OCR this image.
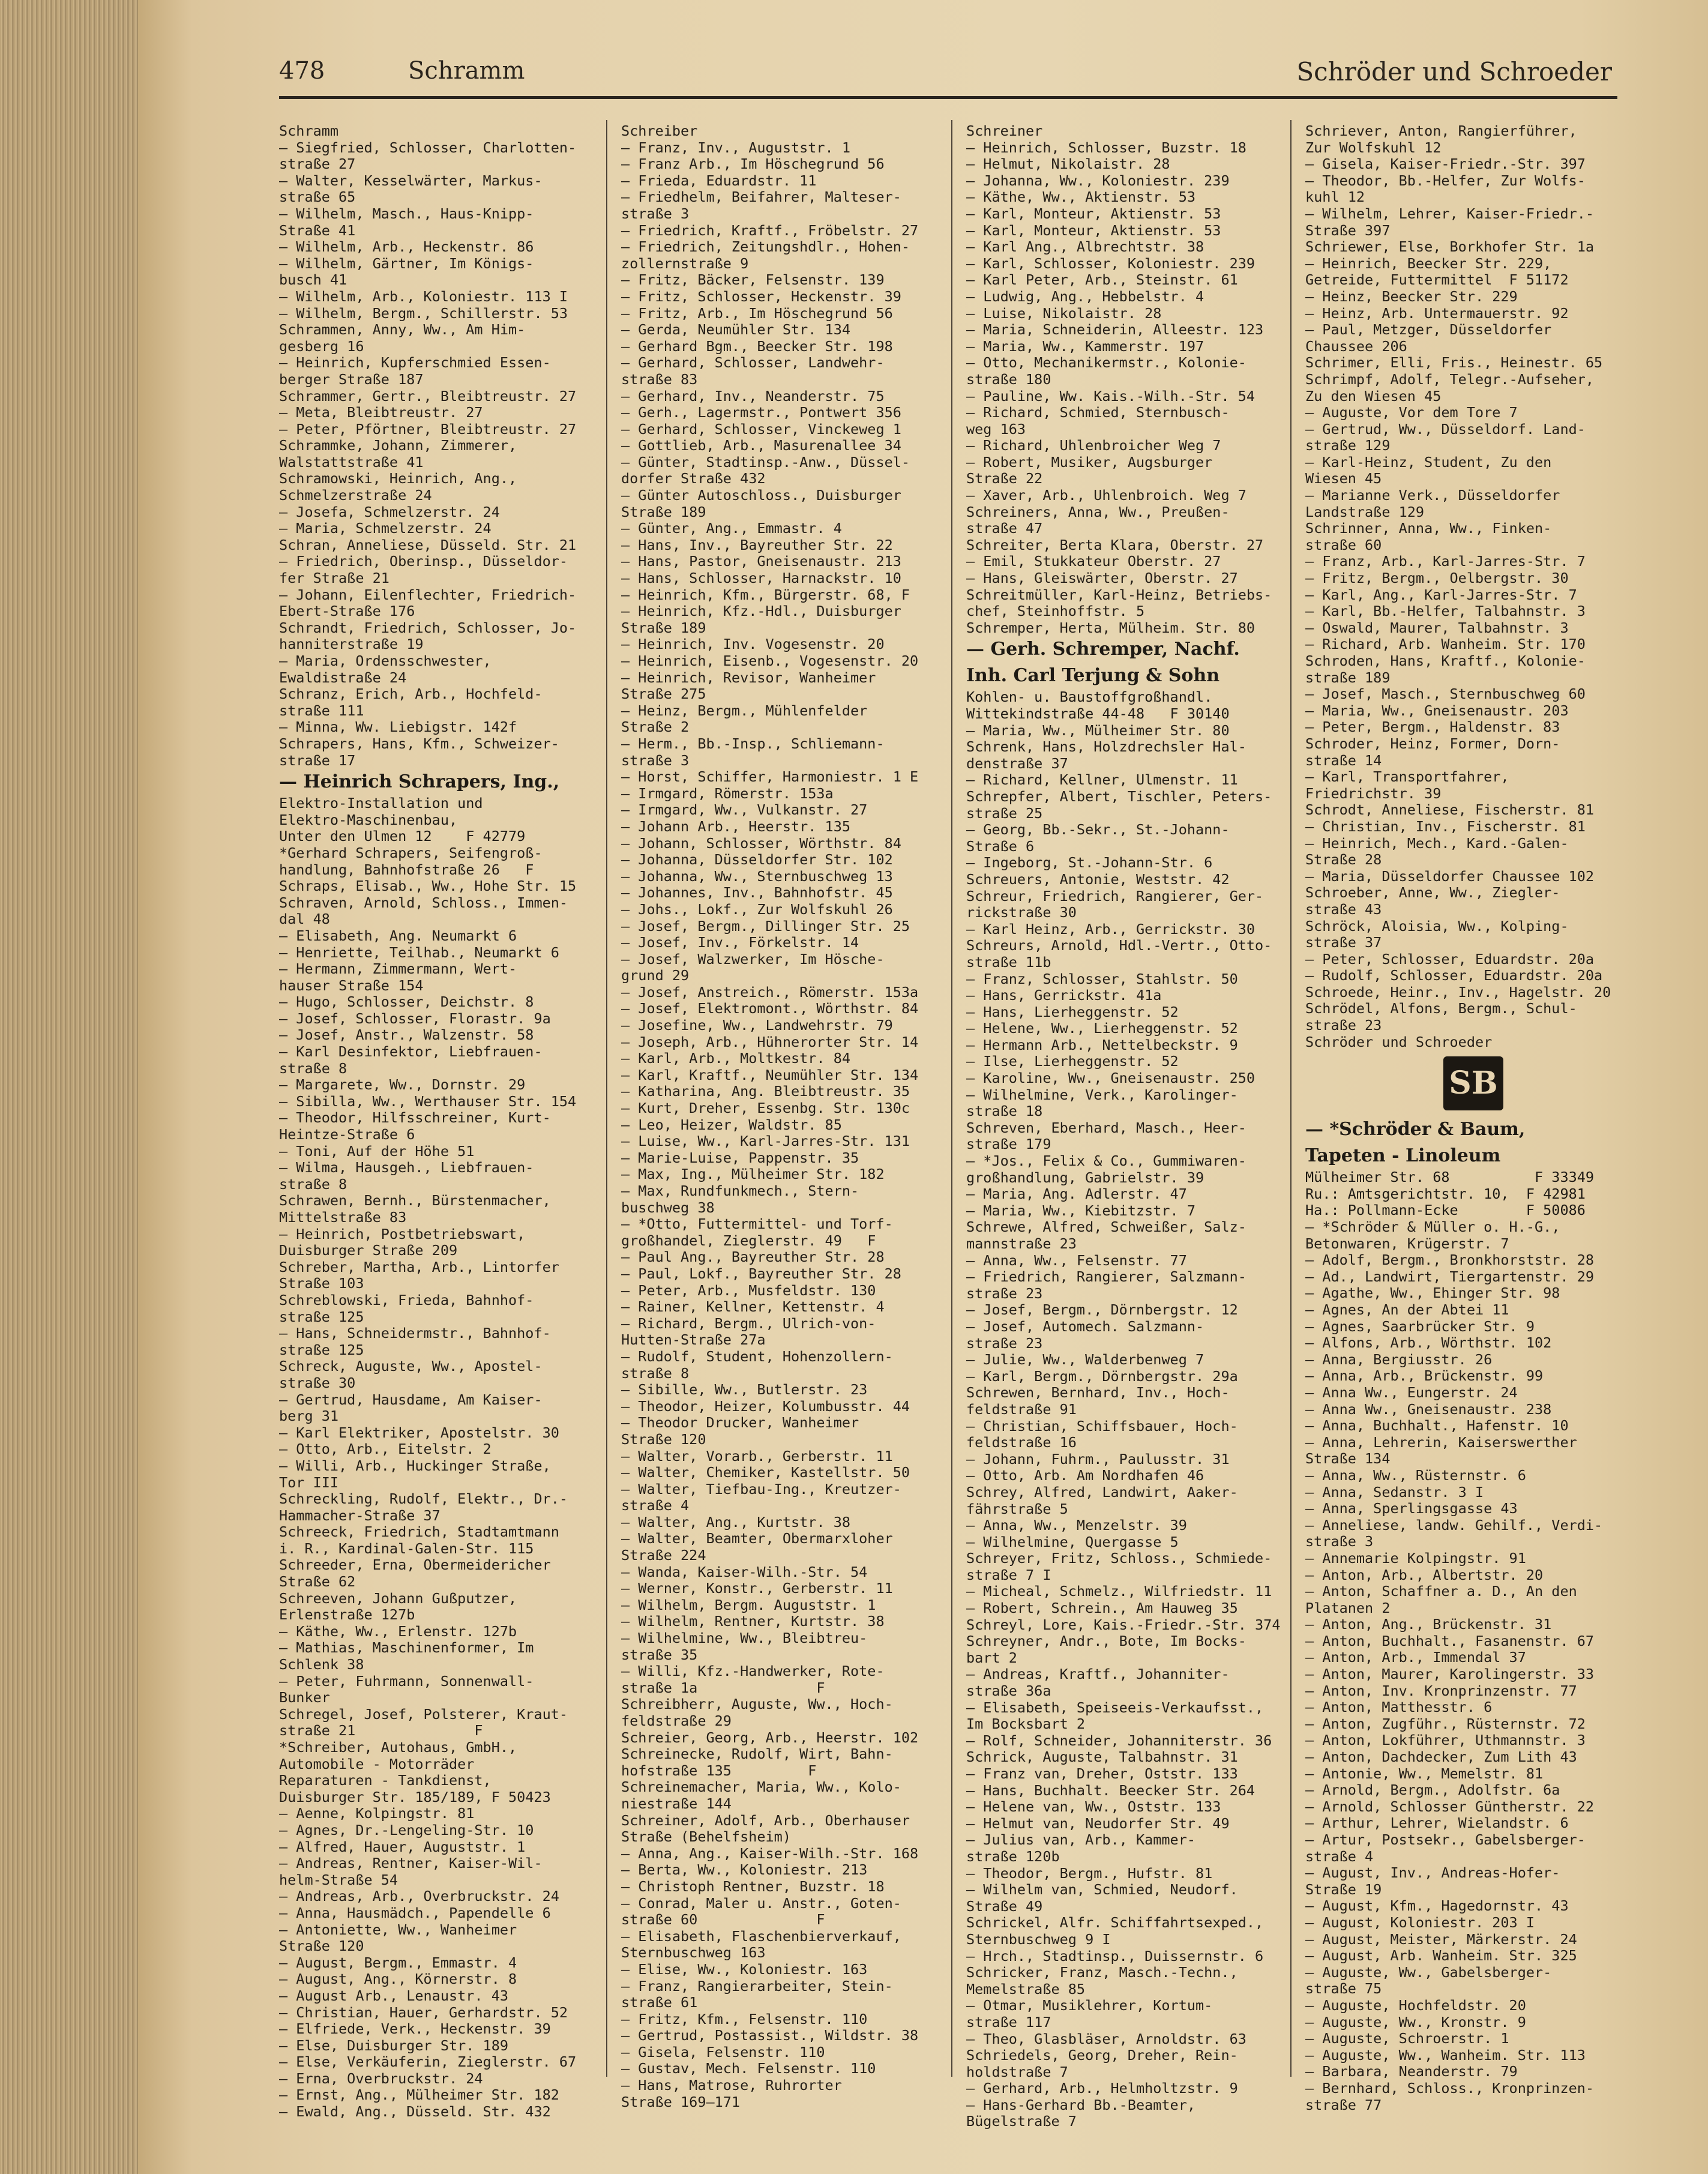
478	Schramm	Schröder und Schroeder
Schramm
— Siegfried, Schlosser, Charlotten-
straße 27
— Walter, Kesselwärter, Markus-
straße 65
— Wilhelm, Masch., Haus-Knipp-
Straße 41
— Wilhelm, Arb., Heckenstr. 86
— Wilhelm, Gärtner, Im Königs-
busch 41
— Wilhelm, Arb., Koloniestr. 113 I
— Wilhelm, Bergm., Schillerstr. 53
Schrammen, Anny, Ww., Am Him-
gesberg 16
— Heinrich, Kupferschmied Essen-
berger Straße 187
Schrammer, Gertr., Bleibtreustr. 27
— Meta, Bleibtreustr. 27
— Peter, Pförtner, Bleibtreustr. 27
Schrammke, Johann, Zimmerer,
Walstattstraße 41
Schramowski, Heinrich, Ang.,
Schmelzerstraße 24
— Josefa, Schmelzerstr. 24
— Maria, Schmelzerstr. 24
Schran, Anneliese, Düsseld. Str. 21
— Friedrich, Oberinsp., Düsseldor-
fer Straße 21
— Johann, Eilenflechter, Friedrich-
Ebert-Straße 176
Schrandt, Friedrich, Schlosser, Jo-
hanniterstraße 19
— Maria, Ordensschwester,
Ewaldistraße 24
Schranz, Erich, Arb., Hochfeld-
straße 111
— Minna, Ww. Liebigstr. 142f
Schrapers, Hans, Kfm., Schweizer-
straße 17
— Heinrich Schrapers, Ing.,
Elektro-Installation und
Elektro-Maschinenbau,
Unter den Ulmen 12    F 42779
*Gerhard Schrapers, Seifengroß-
handlung, Bahnhofstraße 26   F
Schraps, Elisab., Ww., Hohe Str. 15
Schraven, Arnold, Schloss., Immen-
dal 48
— Elisabeth, Ang. Neumarkt 6
— Henriette, Teilhab., Neumarkt 6
— Hermann, Zimmermann, Wert-
hauser Straße 154
— Hugo, Schlosser, Deichstr. 8
— Josef, Schlosser, Florastr. 9a
— Josef, Anstr., Walzenstr. 58
— Karl Desinfektor, Liebfrauen-
straße 8
— Margarete, Ww., Dornstr. 29
— Sibilla, Ww., Werthauser Str. 154
— Theodor, Hilfsschreiner, Kurt-
Heintze-Straße 6
— Toni, Auf der Höhe 51
— Wilma, Hausgeh., Liebfrauen-
straße 8
Schrawen, Bernh., Bürstenmacher,
Mittelstraße 83
— Heinrich, Postbetriebswart,
Duisburger Straße 209
Schreber, Martha, Arb., Lintorfer
Straße 103
Schreblowski, Frieda, Bahnhof-
straße 125
— Hans, Schneidermstr., Bahnhof-
straße 125
Schreck, Auguste, Ww., Apostel-
straße 30
— Gertrud, Hausdame, Am Kaiser-
berg 31
— Karl Elektriker, Apostelstr. 30
— Otto, Arb., Eitelstr. 2
— Willi, Arb., Huckinger Straße,
Tor III
Schreckling, Rudolf, Elektr., Dr.-
Hammacher-Straße 37
Schreeck, Friedrich, Stadtamtmann
i. R., Kardinal-Galen-Str. 115
Schreeder, Erna, Obermeidericher
Straße 62
Schreeven, Johann Gußputzer,
Erlenstraße 127b
— Käthe, Ww., Erlenstr. 127b
— Mathias, Maschinenformer, Im
Schlenk 38
— Peter, Fuhrmann, Sonnenwall-
Bunker
Schregel, Josef, Polsterer, Kraut-
straße 21              F
*Schreiber, Autohaus, GmbH.,
Automobile - Motorräder
Reparaturen - Tankdienst,
Duisburger Str. 185/189, F 50423
— Aenne, Kolpingstr. 81
— Agnes, Dr.-Lengeling-Str. 10
— Alfred, Hauer, Auguststr. 1
— Andreas, Rentner, Kaiser-Wil-
helm-Straße 54
— Andreas, Arb., Overbruckstr. 24
— Anna, Hausmädch., Papendelle 6
— Antoniette, Ww., Wanheimer
Straße 120
— August, Bergm., Emmastr. 4
— August, Ang., Körnerstr. 8
— August Arb., Lenaustr. 43
— Christian, Hauer, Gerhardstr. 52
— Elfriede, Verk., Heckenstr. 39
— Else, Duisburger Str. 189
— Else, Verkäuferin, Zieglerstr. 67
— Erna, Overbruckstr. 24
— Ernst, Ang., Mülheimer Str. 182
— Ewald, Ang., Düsseld. Str. 432
Schreiber
— Franz, Inv., Auguststr. 1
— Franz Arb., Im Höschegrund 56
— Frieda, Eduardstr. 11
— Friedhelm, Beifahrer, Malteser-
straße 3
— Friedrich, Kraftf., Fröbelstr. 27
— Friedrich, Zeitungshdlr., Hohen-
zollernstraße 9
— Fritz, Bäcker, Felsenstr. 139
— Fritz, Schlosser, Heckenstr. 39
— Fritz, Arb., Im Höschegrund 56
— Gerda, Neumühler Str. 134
— Gerhard Bgm., Beecker Str. 198
— Gerhard, Schlosser, Landwehr-
straße 83
— Gerhard, Inv., Neanderstr. 75
— Gerh., Lagermstr., Pontwert 356
— Gerhard, Schlosser, Vinckeweg 1
— Gottlieb, Arb., Masurenallee 34
— Günter, Stadtinsp.-Anw., Düssel-
dorfer Straße 432
— Günter Autoschloss., Duisburger
Straße 189
— Günter, Ang., Emmastr. 4
— Hans, Inv., Bayreuther Str. 22
— Hans, Pastor, Gneisenaustr. 213
— Hans, Schlosser, Harnackstr. 10
— Heinrich, Kfm., Bürgerstr. 68, F
— Heinrich, Kfz.-Hdl., Duisburger
Straße 189
— Heinrich, Inv. Vogesenstr. 20
— Heinrich, Eisenb., Vogesenstr. 20
— Heinrich, Revisor, Wanheimer
Straße 275
— Heinz, Bergm., Mühlenfelder
Straße 2
— Herm., Bb.-Insp., Schliemann-
straße 3
— Horst, Schiffer, Harmoniestr. 1 E
— Irmgard, Römerstr. 153a
— Irmgard, Ww., Vulkanstr. 27
— Johann Arb., Heerstr. 135
— Johann, Schlosser, Wörthstr. 84
— Johanna, Düsseldorfer Str. 102
— Johanna, Ww., Sternbuschweg 13
— Johannes, Inv., Bahnhofstr. 45
— Johs., Lokf., Zur Wolfskuhl 26
— Josef, Bergm., Dillinger Str. 25
— Josef, Inv., Förkelstr. 14
— Josef, Walzwerker, Im Hösche-
grund 29
— Josef, Anstreich., Römerstr. 153a
— Josef, Elektromont., Wörthstr. 84
— Josefine, Ww., Landwehrstr. 79
— Joseph, Arb., Hühnerorter Str. 14
— Karl, Arb., Moltkestr. 84
— Karl, Kraftf., Neumühler Str. 134
— Katharina, Ang. Bleibtreustr. 35
— Kurt, Dreher, Essenbg. Str. 130c
— Leo, Heizer, Waldstr. 85
— Luise, Ww., Karl-Jarres-Str. 131
— Marie-Luise, Pappenstr. 35
— Max, Ing., Mülheimer Str. 182
— Max, Rundfunkmech., Stern-
buschweg 38
— *Otto, Futtermittel- und Torf-
großhandel, Zieglerstr. 49   F
— Paul Ang., Bayreuther Str. 28
— Paul, Lokf., Bayreuther Str. 28
— Peter, Arb., Musfeldstr. 130
— Rainer, Kellner, Kettenstr. 4
— Richard, Bergm., Ulrich-von-
Hutten-Straße 27a
— Rudolf, Student, Hohenzollern-
straße 8
— Sibille, Ww., Butlerstr. 23
— Theodor, Heizer, Kolumbusstr. 44
— Theodor Drucker, Wanheimer
Straße 120
— Walter, Vorarb., Gerberstr. 11
— Walter, Chemiker, Kastellstr. 50
— Walter, Tiefbau-Ing., Kreutzer-
straße 4
— Walter, Ang., Kurtstr. 38
— Walter, Beamter, Obermarxloher
Straße 224
— Wanda, Kaiser-Wilh.-Str. 54
— Werner, Konstr., Gerberstr. 11
— Wilhelm, Bergm. Auguststr. 1
— Wilhelm, Rentner, Kurtstr. 38
— Wilhelmine, Ww., Bleibtreu-
straße 35
— Willi, Kfz.-Handwerker, Rote-
straße 1a              F
Schreibherr, Auguste, Ww., Hoch-
feldstraße 29
Schreier, Georg, Arb., Heerstr. 102
Schreinecke, Rudolf, Wirt, Bahn-
hofstraße 135         F
Schreinemacher, Maria, Ww., Kolo-
niestraße 144
Schreiner, Adolf, Arb., Oberhauser
Straße (Behelfsheim)
— Anna, Ang., Kaiser-Wilh.-Str. 168
— Berta, Ww., Koloniestr. 213
— Christoph Rentner, Buzstr. 18
— Conrad, Maler u. Anstr., Goten-
straße 60              F
— Elisabeth, Flaschenbierverkauf,
Sternbuschweg 163
— Elise, Ww., Koloniestr. 163
— Franz, Rangierarbeiter, Stein-
straße 61
— Fritz, Kfm., Felsenstr. 110
— Gertrud, Postassist., Wildstr. 38
— Gisela, Felsenstr. 110
— Gustav, Mech. Felsenstr. 110
— Hans, Matrose, Ruhrorter
Straße 169–171
Schreiner
— Heinrich, Schlosser, Buzstr. 18
— Helmut, Nikolaistr. 28
— Johanna, Ww., Koloniestr. 239
— Käthe, Ww., Aktienstr. 53
— Karl, Monteur, Aktienstr. 53
— Karl, Monteur, Aktienstr. 53
— Karl Ang., Albrechtstr. 38
— Karl, Schlosser, Koloniestr. 239
— Karl Peter, Arb., Steinstr. 61
— Ludwig, Ang., Hebbelstr. 4
— Luise, Nikolaistr. 28
— Maria, Schneiderin, Alleestr. 123
— Maria, Ww., Kammerstr. 197
— Otto, Mechanikermstr., Kolonie-
straße 180
— Pauline, Ww. Kais.-Wilh.-Str. 54
— Richard, Schmied, Sternbusch-
weg 163
— Richard, Uhlenbroicher Weg 7
— Robert, Musiker, Augsburger
Straße 22
— Xaver, Arb., Uhlenbroich. Weg 7
Schreiners, Anna, Ww., Preußen-
straße 47
Schreiter, Berta Klara, Oberstr. 27
— Emil, Stukkateur Oberstr. 27
— Hans, Gleiswärter, Oberstr. 27
Schreitmüller, Karl-Heinz, Betriebs-
chef, Steinhoffstr. 5
Schremper, Herta, Mülheim. Str. 80
— Gerh. Schremper, Nachf.
Inh. Carl Terjung & Sohn
Kohlen- u. Baustoffgroßhandl.
Wittekindstraße 44-48   F 30140
— Maria, Ww., Mülheimer Str. 80
Schrenk, Hans, Holzdrechsler Hal-
denstraße 37
— Richard, Kellner, Ulmenstr. 11
Schrepfer, Albert, Tischler, Peters-
straße 25
— Georg, Bb.-Sekr., St.-Johann-
Straße 6
— Ingeborg, St.-Johann-Str. 6
Schreuers, Antonie, Weststr. 42
Schreur, Friedrich, Rangierer, Ger-
rickstraße 30
— Karl Heinz, Arb., Gerrickstr. 30
Schreurs, Arnold, Hdl.-Vertr., Otto-
straße 11b
— Franz, Schlosser, Stahlstr. 50
— Hans, Gerrickstr. 41a
— Hans, Lierheggenstr. 52
— Helene, Ww., Lierheggenstr. 52
— Hermann Arb., Nettelbeckstr. 9
— Ilse, Lierheggenstr. 52
— Karoline, Ww., Gneisenaustr. 250
— Wilhelmine, Verk., Karolinger-
straße 18
Schreven, Eberhard, Masch., Heer-
straße 179
— *Jos., Felix & Co., Gummiwaren-
großhandlung, Gabrielstr. 39
— Maria, Ang. Adlerstr. 47
— Maria, Ww., Kiebitzstr. 7
Schrewe, Alfred, Schweißer, Salz-
mannstraße 23
— Anna, Ww., Felsenstr. 77
— Friedrich, Rangierer, Salzmann-
straße 23
— Josef, Bergm., Dörnbergstr. 12
— Josef, Automech. Salzmann-
straße 23
— Julie, Ww., Walderbenweg 7
— Karl, Bergm., Dörnbergstr. 29a
Schrewen, Bernhard, Inv., Hoch-
feldstraße 91
— Christian, Schiffsbauer, Hoch-
feldstraße 16
— Johann, Fuhrm., Paulusstr. 31
— Otto, Arb. Am Nordhafen 46
Schrey, Alfred, Landwirt, Aaker-
fährstraße 5
— Anna, Ww., Menzelstr. 39
— Wilhelmine, Quergasse 5
Schreyer, Fritz, Schloss., Schmiede-
straße 7 I
— Micheal, Schmelz., Wilfriedstr. 11
— Robert, Schrein., Am Hauweg 35
Schreyl, Lore, Kais.-Friedr.-Str. 374
Schreyner, Andr., Bote, Im Bocks-
bart 2
— Andreas, Kraftf., Johanniter-
straße 36a
— Elisabeth, Speiseeis-Verkaufsst.,
Im Bocksbart 2
— Rolf, Schneider, Johanniterstr. 36
Schrick, Auguste, Talbahnstr. 31
— Franz van, Dreher, Oststr. 133
— Hans, Buchhalt. Beecker Str. 264
— Helene van, Ww., Oststr. 133
— Helmut van, Neudorfer Str. 49
— Julius van, Arb., Kammer-
straße 120b
— Theodor, Bergm., Hufstr. 81
— Wilhelm van, Schmied, Neudorf.
Straße 49
Schrickel, Alfr. Schiffahrtsexped.,
Sternbuschweg 9 I
— Hrch., Stadtinsp., Duissernstr. 6
Schricker, Franz, Masch.-Techn.,
Memelstraße 85
— Otmar, Musiklehrer, Kortum-
straße 117
— Theo, Glasbläser, Arnoldstr. 63
Schriedels, Georg, Dreher, Rein-
holdstraße 7
— Gerhard, Arb., Helmholtzstr. 9
— Hans-Gerhard Bb.-Beamter,
Bügelstraße 7
Schriever, Anton, Rangierführer,
Zur Wolfskuhl 12
— Gisela, Kaiser-Friedr.-Str. 397
— Theodor, Bb.-Helfer, Zur Wolfs-
kuhl 12
— Wilhelm, Lehrer, Kaiser-Friedr.-
Straße 397
Schriewer, Else, Borkhofer Str. 1a
— Heinrich, Beecker Str. 229,
Getreide, Futtermittel  F 51172
— Heinz, Beecker Str. 229
— Heinz, Arb. Untermauerstr. 92
— Paul, Metzger, Düsseldorfer
Chaussee 206
Schrimer, Elli, Fris., Heinestr. 65
Schrimpf, Adolf, Telegr.-Aufseher,
Zu den Wiesen 45
— Auguste, Vor dem Tore 7
— Gertrud, Ww., Düsseldorf. Land-
straße 129
— Karl-Heinz, Student, Zu den
Wiesen 45
— Marianne Verk., Düsseldorfer
Landstraße 129
Schrinner, Anna, Ww., Finken-
straße 60
— Franz, Arb., Karl-Jarres-Str. 7
— Fritz, Bergm., Oelbergstr. 30
— Karl, Ang., Karl-Jarres-Str. 7
— Karl, Bb.-Helfer, Talbahnstr. 3
— Oswald, Maurer, Talbahnstr. 3
— Richard, Arb. Wanheim. Str. 170
Schroden, Hans, Kraftf., Kolonie-
straße 189
— Josef, Masch., Sternbuschweg 60
— Maria, Ww., Gneisenaustr. 203
— Peter, Bergm., Haldenstr. 83
Schroder, Heinz, Former, Dorn-
straße 14
— Karl, Transportfahrer,
Friedrichstr. 39
Schrodt, Anneliese, Fischerstr. 81
— Christian, Inv., Fischerstr. 81
— Heinrich, Mech., Kard.-Galen-
Straße 28
— Maria, Düsseldorfer Chaussee 102
Schroeber, Anne, Ww., Ziegler-
straße 43
Schröck, Aloisia, Ww., Kolping-
straße 37
— Peter, Schlosser, Eduardstr. 20a
— Rudolf, Schlosser, Eduardstr. 20a
Schroede, Heinr., Inv., Hagelstr. 20
Schrödel, Alfons, Bergm., Schul-
straße 23
Schröder und Schroeder
SB
— *Schröder & Baum,
Tapeten - Linoleum
Mülheimer Str. 68          F 33349
Ru.: Amtsgerichtstr. 10,  F 42981
Ha.: Pollmann-Ecke        F 50086
— *Schröder & Müller o. H.-G.,
Betonwaren, Krügerstr. 7
— Adolf, Bergm., Bronkhorststr. 28
— Ad., Landwirt, Tiergartenstr. 29
— Agathe, Ww., Ehinger Str. 98
— Agnes, An der Abtei 11
— Agnes, Saarbrücker Str. 9
— Alfons, Arb., Wörthstr. 102
— Anna, Bergiusstr. 26
— Anna, Arb., Brückenstr. 99
— Anna Ww., Eungerstr. 24
— Anna Ww., Gneisenaustr. 238
— Anna, Buchhalt., Hafenstr. 10
— Anna, Lehrerin, Kaiserswerther
Straße 134
— Anna, Ww., Rüsternstr. 6
— Anna, Sedanstr. 3 I
— Anna, Sperlingsgasse 43
— Anneliese, landw. Gehilf., Verdi-
straße 3
— Annemarie Kolpingstr. 91
— Anton, Arb., Albertstr. 20
— Anton, Schaffner a. D., An den
Platanen 2
— Anton, Ang., Brückenstr. 31
— Anton, Buchhalt., Fasanenstr. 67
— Anton, Arb., Immendal 37
— Anton, Maurer, Karolingerstr. 33
— Anton, Inv. Kronprinzenstr. 77
— Anton, Matthesstr. 6
— Anton, Zugführ., Rüsternstr. 72
— Anton, Lokführer, Uthmannstr. 3
— Anton, Dachdecker, Zum Lith 43
— Antonie, Ww., Memelstr. 81
— Arnold, Bergm., Adolfstr. 6a
— Arnold, Schlosser Güntherstr. 22
— Arthur, Lehrer, Wielandstr. 6
— Artur, Postsekr., Gabelsberger-
straße 4
— August, Inv., Andreas-Hofer-
Straße 19
— August, Kfm., Hagedornstr. 43
— August, Koloniestr. 203 I
— August, Meister, Märkerstr. 24
— August, Arb. Wanheim. Str. 325
— Auguste, Ww., Gabelsberger-
straße 75
— Auguste, Hochfeldstr. 20
— Auguste, Ww., Kronstr. 9
— Auguste, Schroerstr. 1
— Auguste, Ww., Wanheim. Str. 113
— Barbara, Neanderstr. 79
— Bernhard, Schloss., Kronprinzen-
straße 77
